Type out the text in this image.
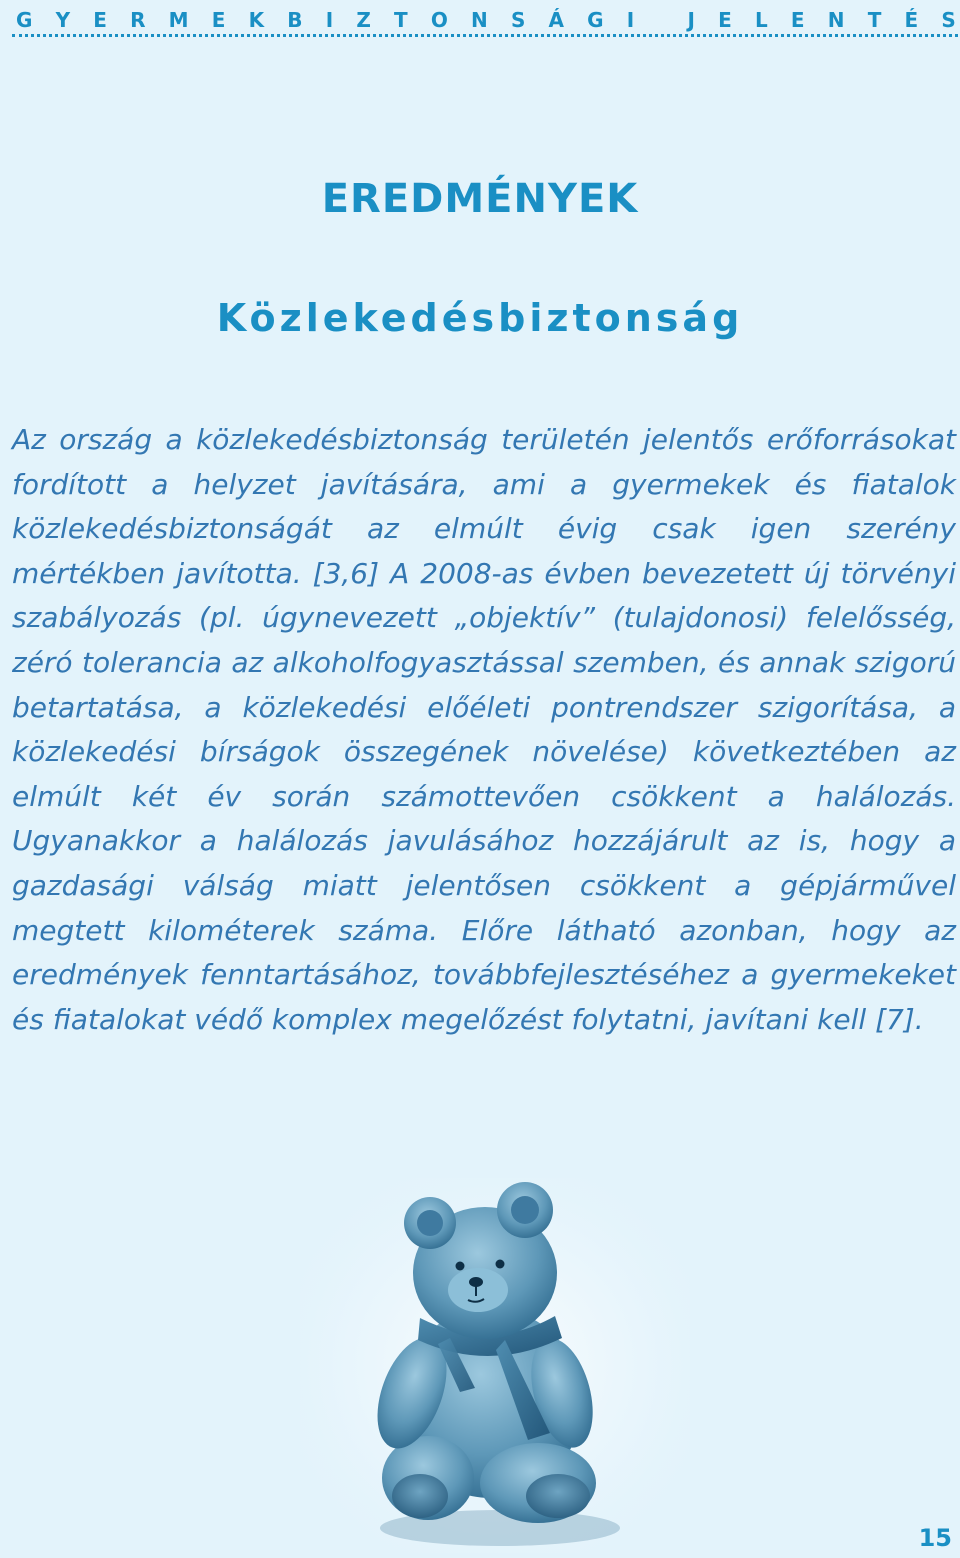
G Y E R M E K B I Z T O N S Á G I
	J E L E N T É S
EREDMÉNYEK
Közlekedésbiztonság

Az ország a közlekedésbiztonság területén jelentős erőforrásokat fordított a helyzet javítására, ami a gyermekek és fiatalok közlekedésbiztonságát az elmúlt évig csak igen szerény mértékben javította. [3,6] A 2008-as évben bevezetett új törvényi szabályozás (pl. úgynevezett „objektív” (tulajdonosi) felelősség, zéró tolerancia az alkoholfogyasztással szemben, és annak szigorú betartatása, a közlekedési előéleti pontrendszer szigorítása, a közlekedési bírságok összegének növelése) következtében az elmúlt két év során számottevően csökkent a halálozás. Ugyanakkor a halálozás javulásához hozzájárult az is, hogy a gazdasági válság miatt jelentősen csökkent a gépjárművel megtett kilométerek száma. Előre látható azonban, hogy az eredmények fenntartásához, továbbfejlesztéséhez a gyermekeket és fiatalokat védő komplex megelőzést folytatni, javítani kell [7].

15
